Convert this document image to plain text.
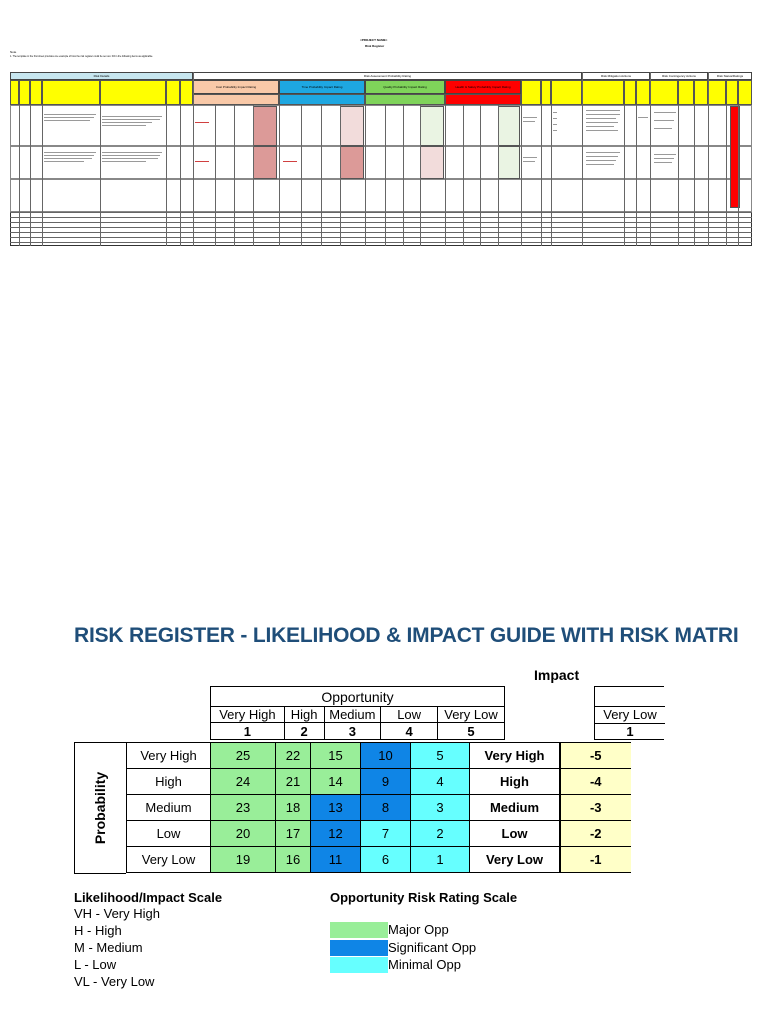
<PROJECT NAME>
Risk Register
Note
1. The template in the first sheet provides one example of how the risk register could be set out. Fill in the following items as applicable.
Risk Details	Risk Assessment Probability Rating	Risk Mitigation Actions	Risk Contingency Actions	Risk Status/Ratings
Cost Probability Impact Rating	Time Probability Impact Rating	Quality Probability Impact Rating	Health & Safety Probability Impact Rating
RISK REGISTER - LIKELIHOOD & IMPACT GUIDE WITH RISK MATRI
Impact
Opportunity				
Very High	High	Medium	Low	Very Low
1	2	3	4	5
Very Low
1
Probability
Very High	25	22	15	10	5	Very High		-5
High	24	21	14	9	4	High		-4
Medium	23	18	13	8	3	Medium		-3
Low	20	17	12	7	2	Low		-2
Very Low	19	16	11	6	1	Very Low		-1
Likelihood/Impact Scale
VH - Very High
H - High
M - Medium
L - Low
VL - Very Low
Opportunity Risk Rating Scale
Major Opp
Significant Opp
Minimal Opp
